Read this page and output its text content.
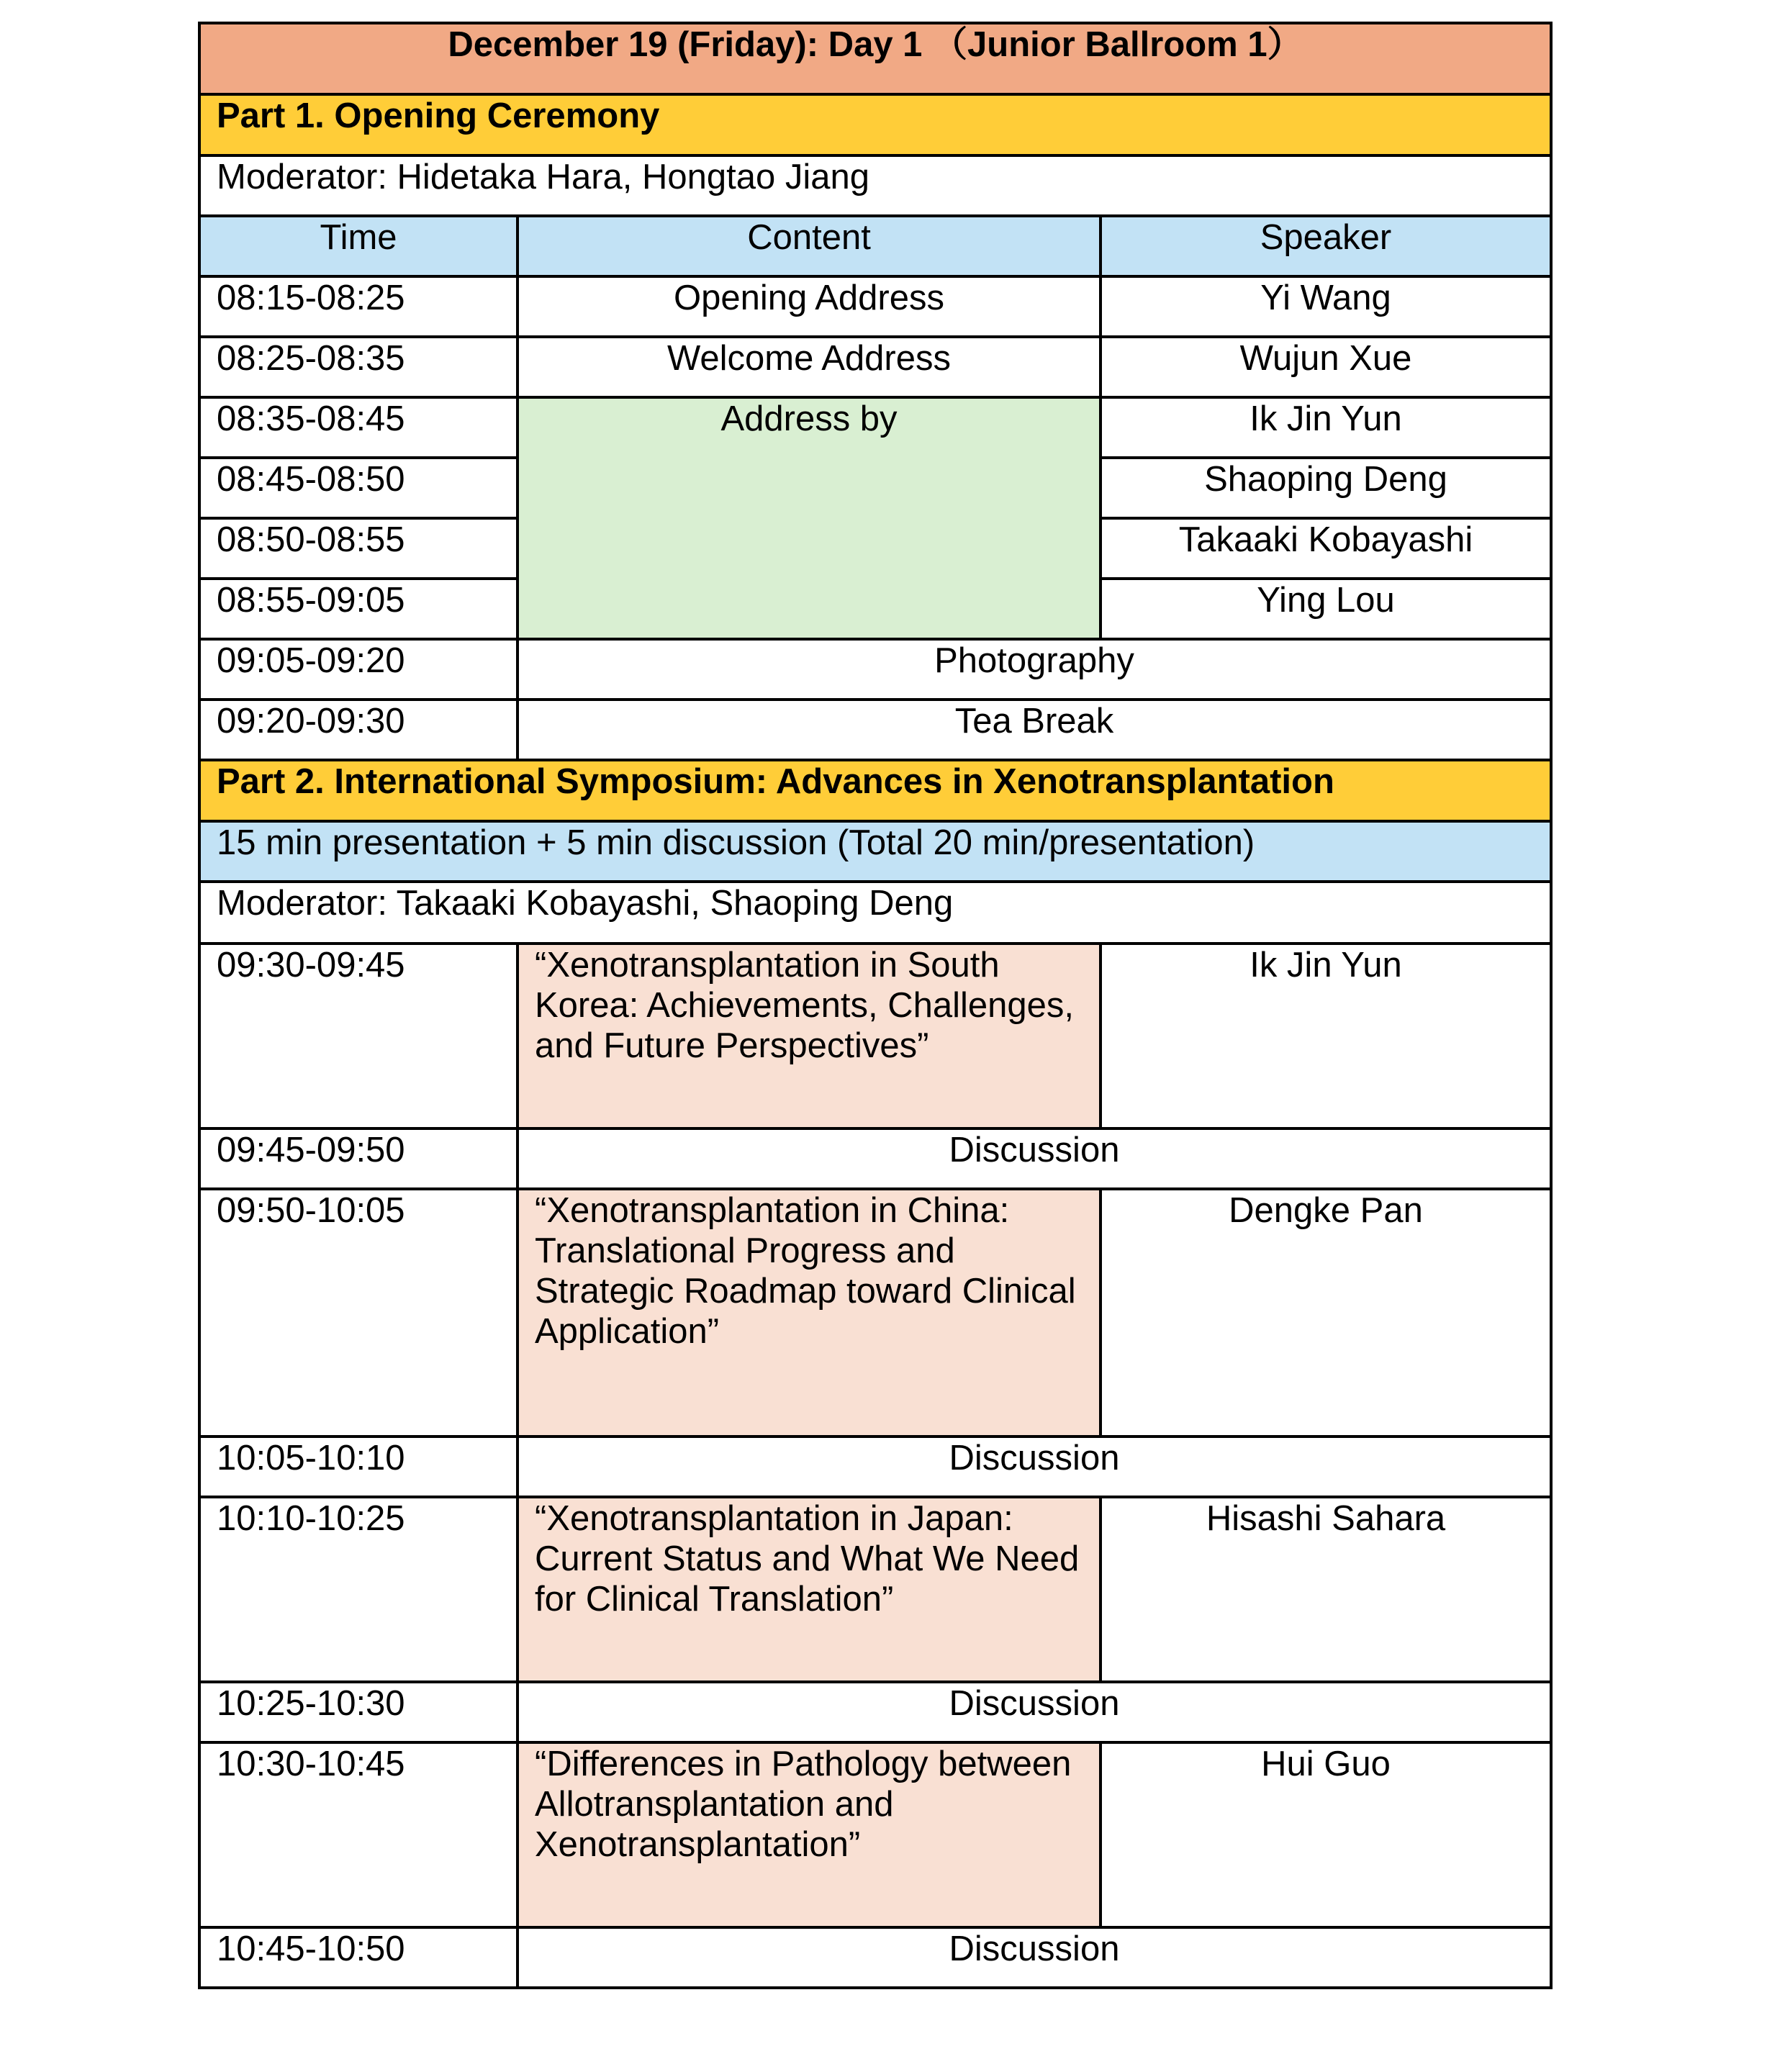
December 19 (Friday): Day 1 （Junior Ballroom 1）		
Part 1. Opening Ceremony		
Moderator: Hidetaka Hara, Hongtao Jiang		
Time	Content	Speaker
08:15-08:25	Opening Address	Yi Wang
08:25-08:35	Welcome Address	Wujun Xue
08:35-08:45	Address by	Ik Jin Yun
08:45-08:50		Shaoping Deng
08:50-08:55		Takaaki Kobayashi
08:55-09:05		Ying Lou
09:05-09:20	Photography	
09:20-09:30	Tea Break	
Part 2. International Symposium: Advances in Xenotransplantation		
15 min presentation + 5 min discussion (Total 20 min/presentation)		
Moderator: Takaaki Kobayashi, Shaoping Deng		
09:30-09:45	“Xenotransplantation in South Korea: Achievements, Challenges, and Future Perspectives”	Ik Jin Yun
09:45-09:50	Discussion	
09:50-10:05	“Xenotransplantation in China: Translational Progress and Strategic Roadmap toward Clinical Application”	Dengke Pan
10:05-10:10	Discussion	
10:10-10:25	“Xenotransplantation in Japan: Current Status and What We Need for Clinical Translation”	Hisashi Sahara
10:25-10:30	Discussion	
10:30-10:45	“Differences in Pathology between Allotransplantation and Xenotransplantation”	Hui Guo
10:45-10:50	Discussion	
